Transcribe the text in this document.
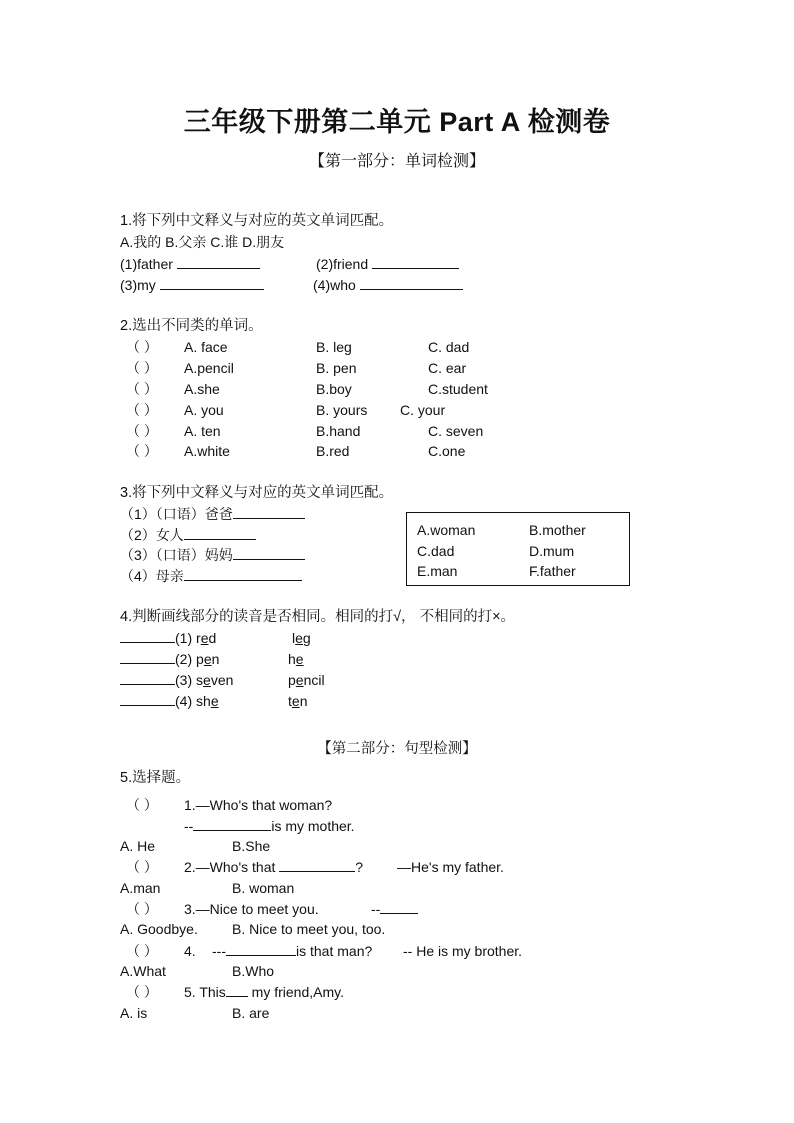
三年级下册第二单元 Part A 检测卷
【第一部分：单词检测】
1.将下列中文释义与对应的英文单词匹配。
A.我的 B.父亲 C.谁 D.朋友
(1)father	(2)friend
(3)my	(4)who
2.选出不同类的单词。
（ ） A. face	B. leg	C. dad
（ ） A.pencil	B. pen	C. ear
（ ） A.she	B.boy	C.student
（ ） A. you	B. yours C. your
（ ） A. ten	B.hand	C. seven
（ ） A.white	B.red	C.one
3.将下列中文释义与对应的英文单词匹配。
（1）（口语）爸爸
（2）女人
（3）（口语）妈妈
（4）母亲
A.woman	B.mother
C.dad	D.mum
E.man	F.father
4.判断画线部分的读音是否相同。相同的打√， 不相同的打×。
(1) red	leg
(2) pen	he
(3) seven	pencil
(4) she	ten
【第二部分：句型检测】
5.选择题。
（ ） 1.—Who's that woman?
--	is my mother.
A. He	B.She
（ ） 2.—Who's that	? —He's my father.
A.man	B. woman
（ ） 3.—Nice to meet you.	--
A. Goodbye. B. Nice to meet you, too.
（ ） 4. ---	is that man? -- He is my brother.
A.What	B.Who
（ ） 5. This my friend,Amy.
A. is	B. are
